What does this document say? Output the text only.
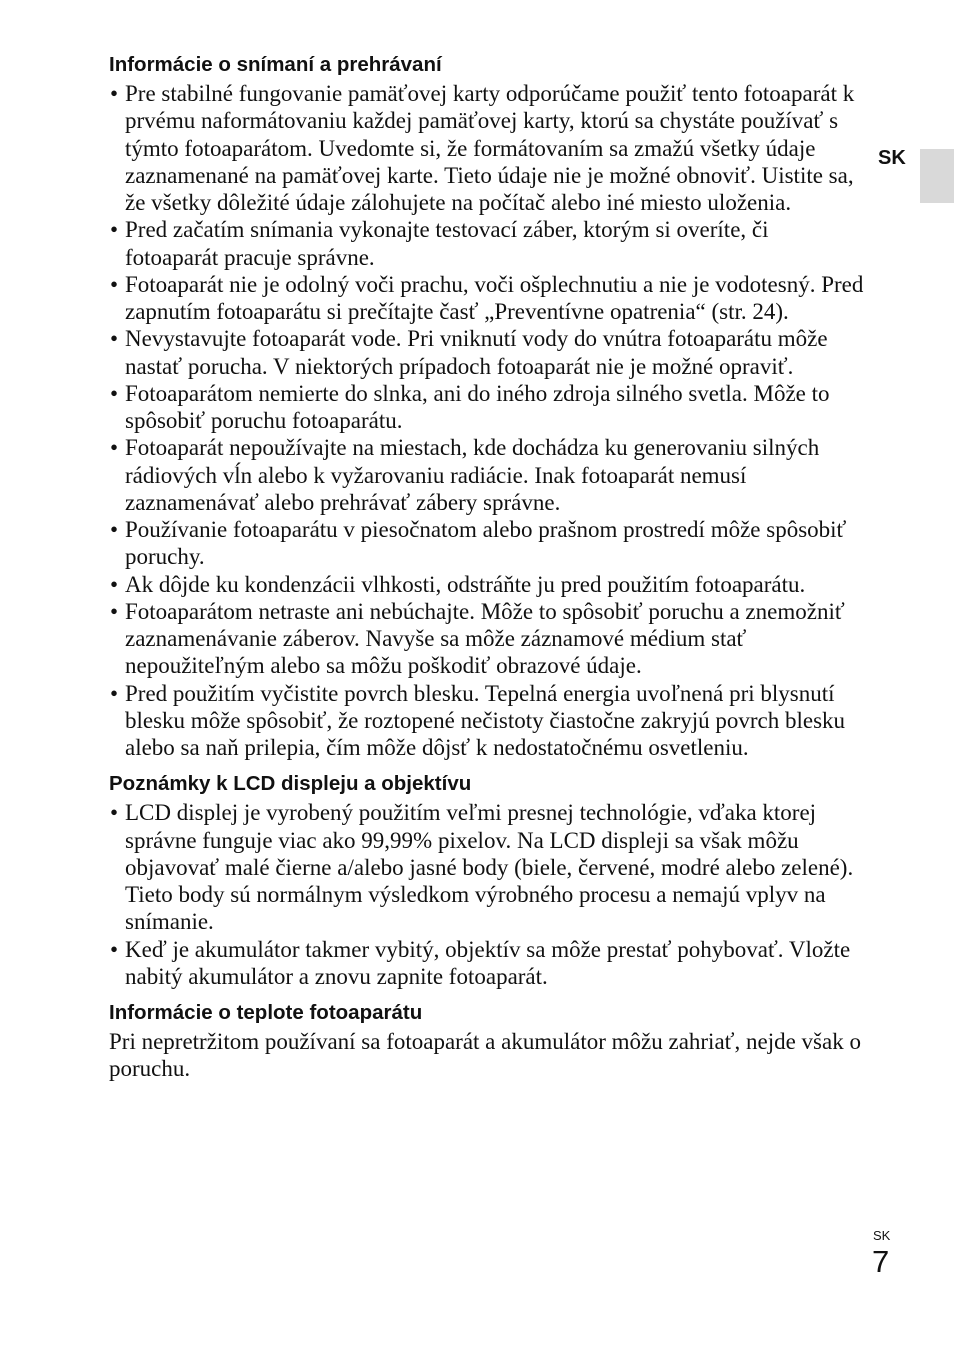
SK
Informácie o snímaní a prehrávaní
• Pre stabilné fungovanie pamäťovej karty odporúčame použiť tento fotoaparát k prvému naformátovaniu každej pamäťovej karty, ktorú sa chystáte používať s týmto fotoaparátom. Uvedomte si, že formátovaním sa zmažú všetky údaje zaznamenané na pamäťovej karte. Tieto údaje nie je možné obnoviť. Uistite sa, že všetky dôležité údaje zálohujete na počítač alebo iné miesto uloženia.
• Pred začatím snímania vykonajte testovací záber, ktorým si overíte, či fotoaparát pracuje správne.
• Fotoaparát nie je odolný voči prachu, voči ošplechnutiu a nie je vodotesný. Pred zapnutím fotoaparátu si prečítajte časť „Preventívne opatrenia“ (str. 24).
• Nevystavujte fotoaparát vode. Pri vniknutí vody do vnútra fotoaparátu môže nastať porucha. V niektorých prípadoch fotoaparát nie je možné opraviť.
• Fotoaparátom nemierte do slnka, ani do iného zdroja silného svetla. Môže to spôsobiť poruchu fotoaparátu.
• Fotoaparát nepoužívajte na miestach, kde dochádza ku generovaniu silných rádiových vĺn alebo k vyžarovaniu radiácie. Inak fotoaparát nemusí zaznamenávať alebo prehrávať zábery správne.
• Používanie fotoaparátu v piesočnatom alebo prašnom prostredí môže spôsobiť poruchy.
• Ak dôjde ku kondenzácii vlhkosti, odstráňte ju pred použitím fotoaparátu.
• Fotoaparátom netraste ani nebúchajte. Môže to spôsobiť poruchu a znemožniť zaznamenávanie záberov. Navyše sa môže záznamové médium stať nepoužiteľným alebo sa môžu poškodiť obrazové údaje.
• Pred použitím vyčistite povrch blesku. Tepelná energia uvoľnená pri blysnutí blesku môže spôsobiť, že roztopené nečistoty čiastočne zakryjú povrch blesku alebo sa naň prilepia, čím môže dôjsť k nedostatočnému osvetleniu.
Poznámky k LCD displeju a objektívu
• LCD displej je vyrobený použitím veľmi presnej technológie, vďaka ktorej správne funguje viac ako 99,99% pixelov. Na LCD displeji sa však môžu objavovať malé čierne a/alebo jasné body (biele, červené, modré alebo zelené). Tieto body sú normálnym výsledkom výrobného procesu a nemajú vplyv na snímanie.
• Keď je akumulátor takmer vybitý, objektív sa môže prestať pohybovať. Vložte nabitý akumulátor a znovu zapnite fotoaparát.
Informácie o teplote fotoaparátu

Pri nepretržitom používaní sa fotoaparát a akumulátor môžu zahriať, nejde však o poruchu.

SK
7
